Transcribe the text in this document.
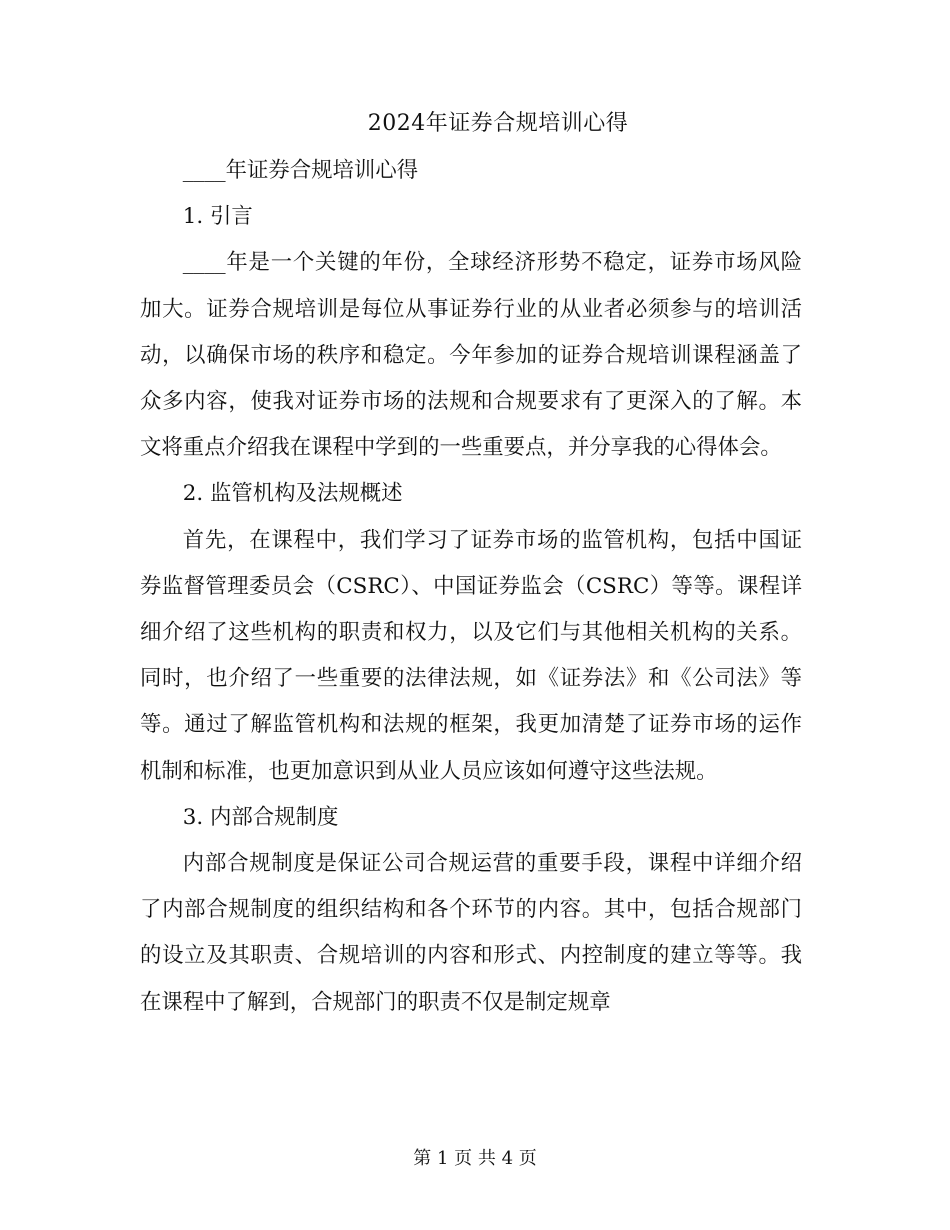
2024年证券合规培训心得

____年证券合规培训心得

1. 引言

____年是一个关键的年份，全球经济形势不稳定，证券市场风险加大。证券合规培训是每位从事证券行业的从业者必须参与的培训活动，以确保市场的秩序和稳定。今年参加的证券合规培训课程涵盖了众多内容，使我对证券市场的法规和合规要求有了更深入的了解。本文将重点介绍我在课程中学到的一些重要点，并分享我的心得体会。

2. 监管机构及法规概述

首先，在课程中，我们学习了证券市场的监管机构，包括中国证券监督管理委员会（CSRC）、中国证券监会（CSRC）等等。课程详细介绍了这些机构的职责和权力，以及它们与其他相关机构的关系。同时，也介绍了一些重要的法律法规，如《证券法》和《公司法》等等。通过了解监管机构和法规的框架，我更加清楚了证券市场的运作机制和标准，也更加意识到从业人员应该如何遵守这些法规。

3. 内部合规制度

内部合规制度是保证公司合规运营的重要手段，课程中详细介绍了内部合规制度的组织结构和各个环节的内容。其中，包括合规部门的设立及其职责、合规培训的内容和形式、内控制度的建立等等。我在课程中了解到，合规部门的职责不仅是制定规章

第 1 页 共 4 页
